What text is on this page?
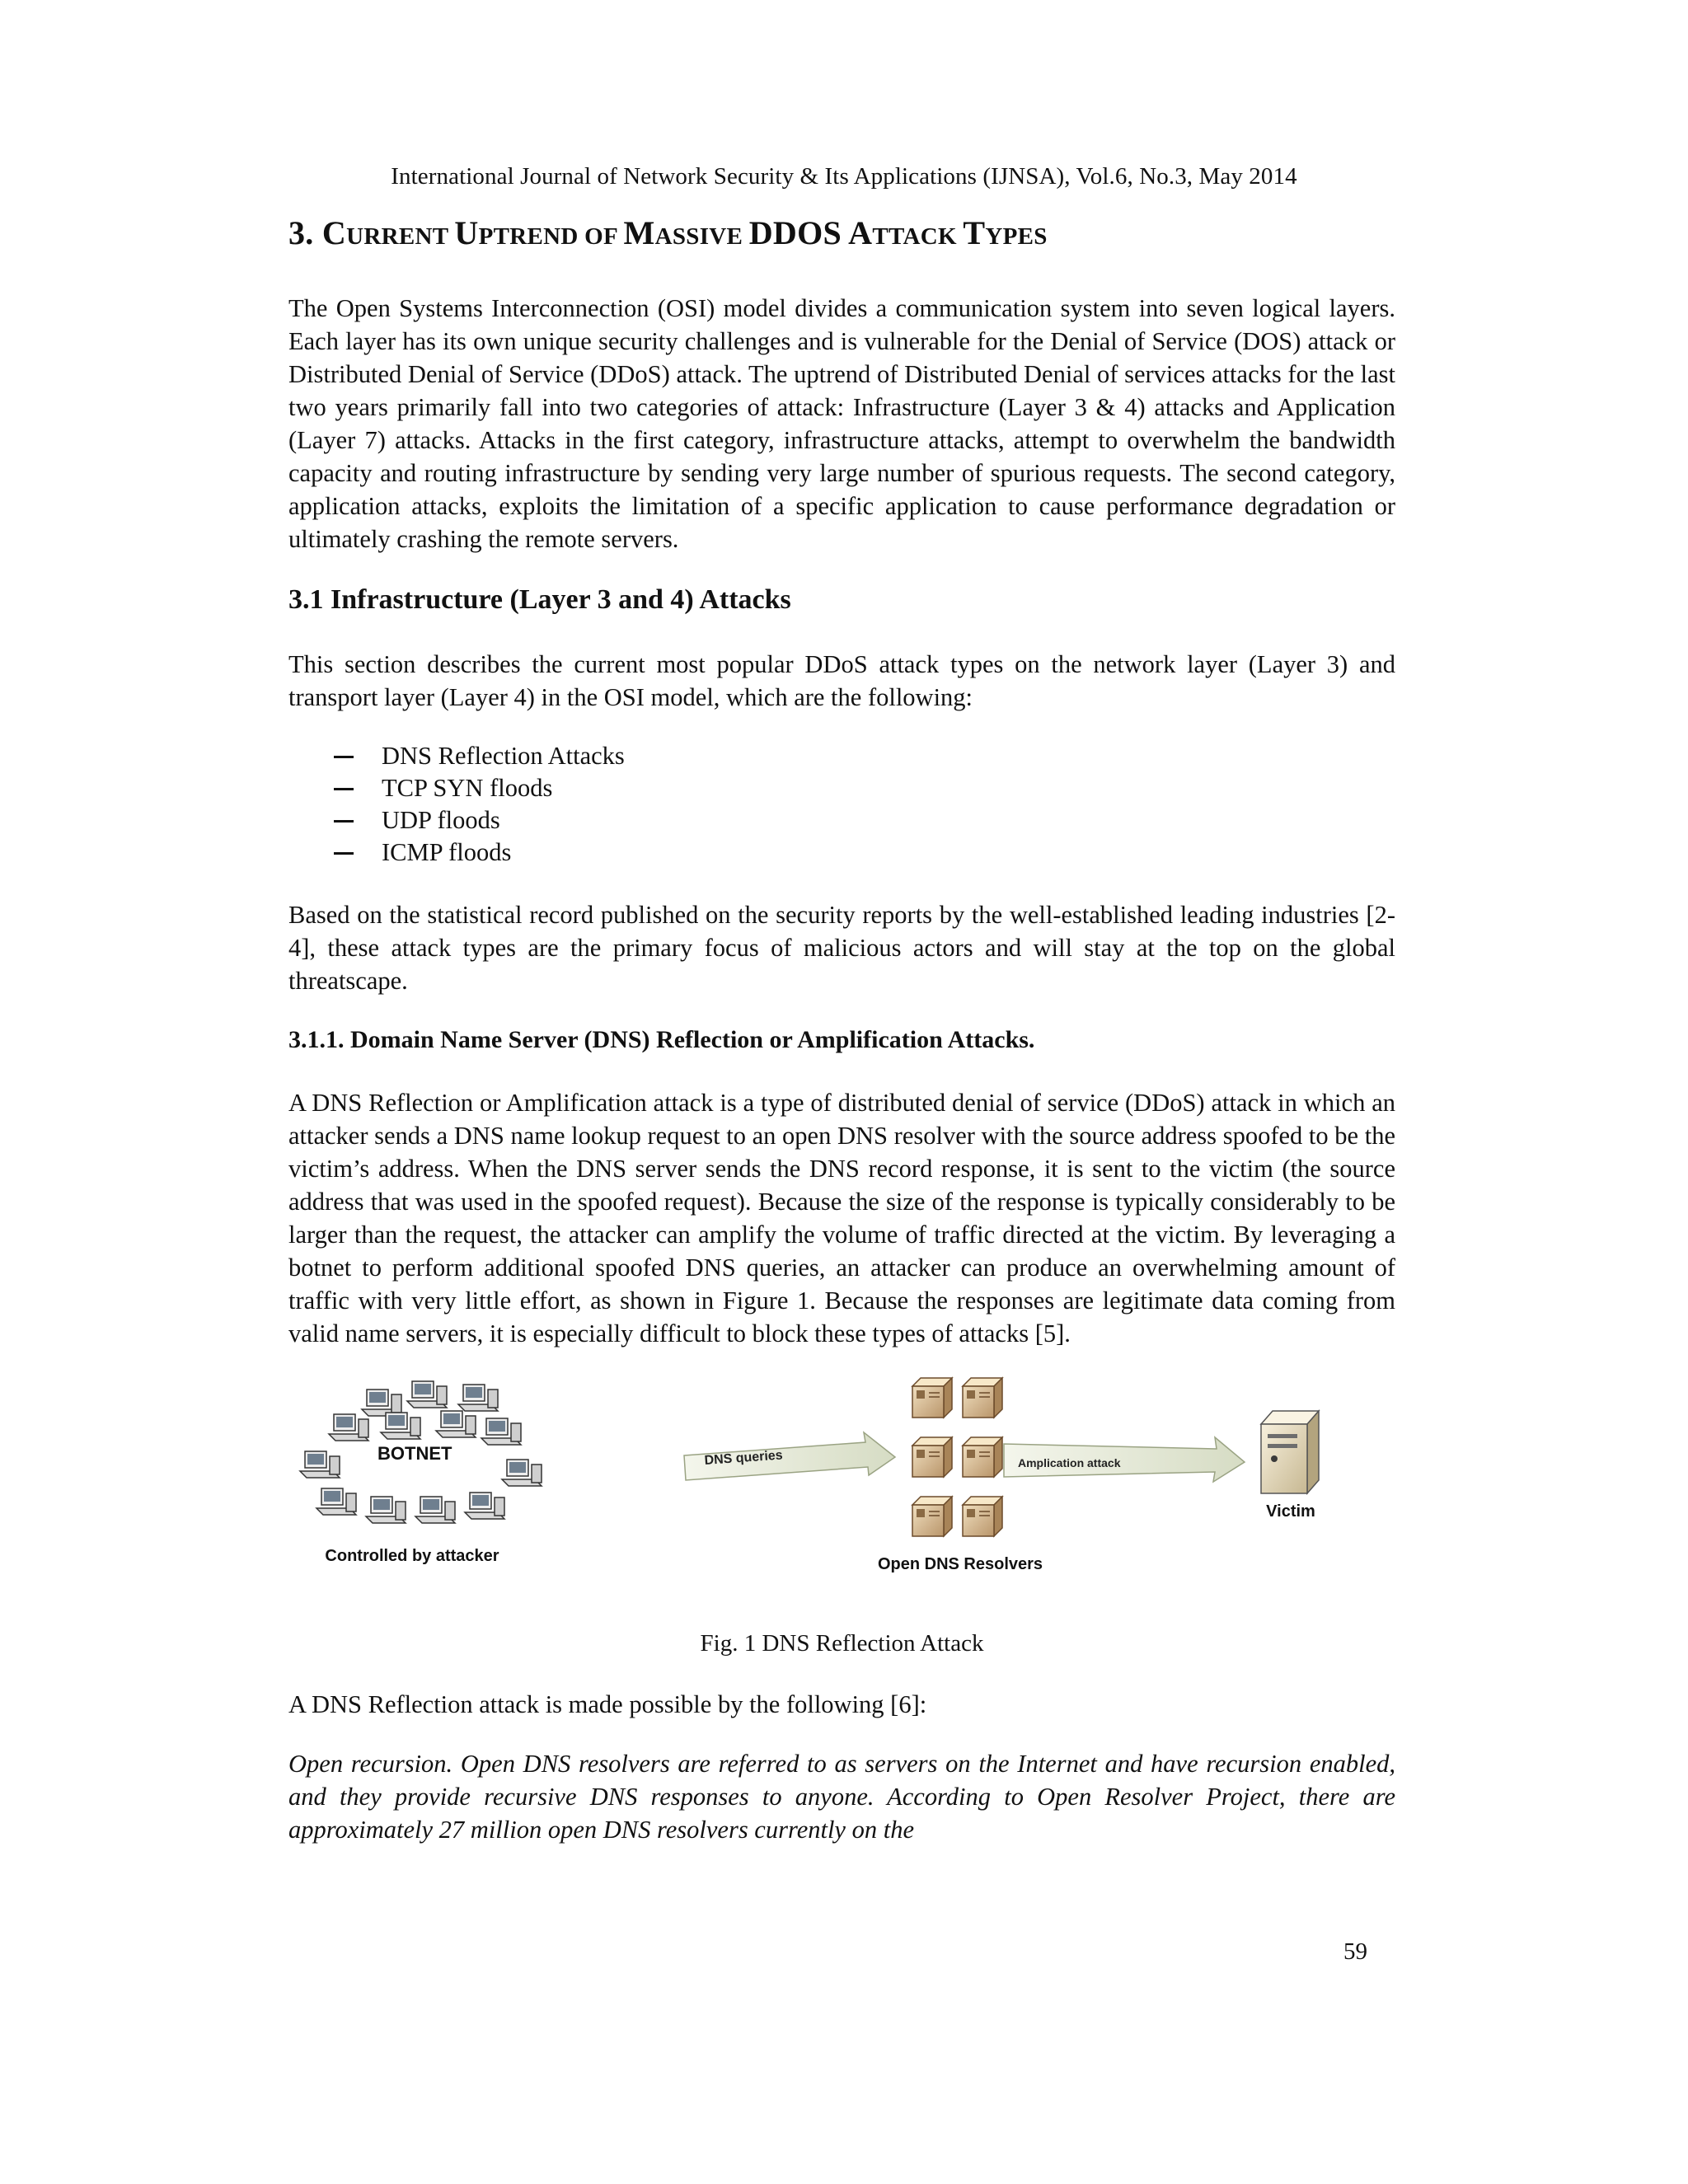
International Journal of Network Security & Its Applications (IJNSA), Vol.6, No.3, May 2014
3. CURRENT UPTREND OF MASSIVE DDOS ATTACK TYPES

The Open Systems Interconnection (OSI) model divides a communication system into seven logical layers. Each layer has its own unique security challenges and is vulnerable for the Denial of Service (DOS) attack or Distributed Denial of Service (DDoS) attack. The uptrend of Distributed Denial of services attacks for the last two years primarily fall into two categories of attack: Infrastructure (Layer 3 & 4) attacks and Application (Layer 7) attacks. Attacks in the first category, infrastructure attacks, attempt to overwhelm the bandwidth capacity and routing infrastructure by sending very large number of spurious requests. The second category, application attacks, exploits the limitation of a specific application to cause performance degradation or ultimately crashing the remote servers.

3.1 Infrastructure (Layer 3 and 4) Attacks

This section describes the current most popular DDoS attack types on the network layer (Layer 3) and transport layer (Layer 4) in the OSI model, which are the following:

DNS Reflection Attacks
TCP SYN floods
UDP floods
ICMP floods

Based on the statistical record published on the security reports by the well-established leading industries [2-4], these attack types are the primary focus of malicious actors and will stay at the top on the global threatscape.

3.1.1. Domain Name Server (DNS) Reflection or Amplification Attacks.

A DNS Reflection or Amplification attack is a type of distributed denial of service (DDoS) attack in which an attacker sends a DNS name lookup request to an open DNS resolver with the source address spoofed to be the victim’s address. When the DNS server sends the DNS record response, it is sent to the victim (the source address that was used in the spoofed request). Because the size of the response is typically considerably to be larger than the request, the attacker can amplify the volume of traffic directed at the victim. By leveraging a botnet to perform additional spoofed DNS queries, an attacker can produce an overwhelming amount of traffic with very little effort, as shown in Figure 1. Because the responses are legitimate data coming from valid name servers, it is especially difficult to block these types of attacks [5].

BOTNET
Controlled by attacker
DNS queries
Open DNS Resolvers
Amplication attack
Victim
Fig. 1 DNS Reflection Attack

A DNS Reflection attack is made possible by the following [6]:

Open recursion. Open DNS resolvers are referred to as servers on the Internet and have recursion enabled, and they provide recursive DNS responses to anyone. According to Open Resolver Project, there are approximately 27 million open DNS resolvers currently on the

59
